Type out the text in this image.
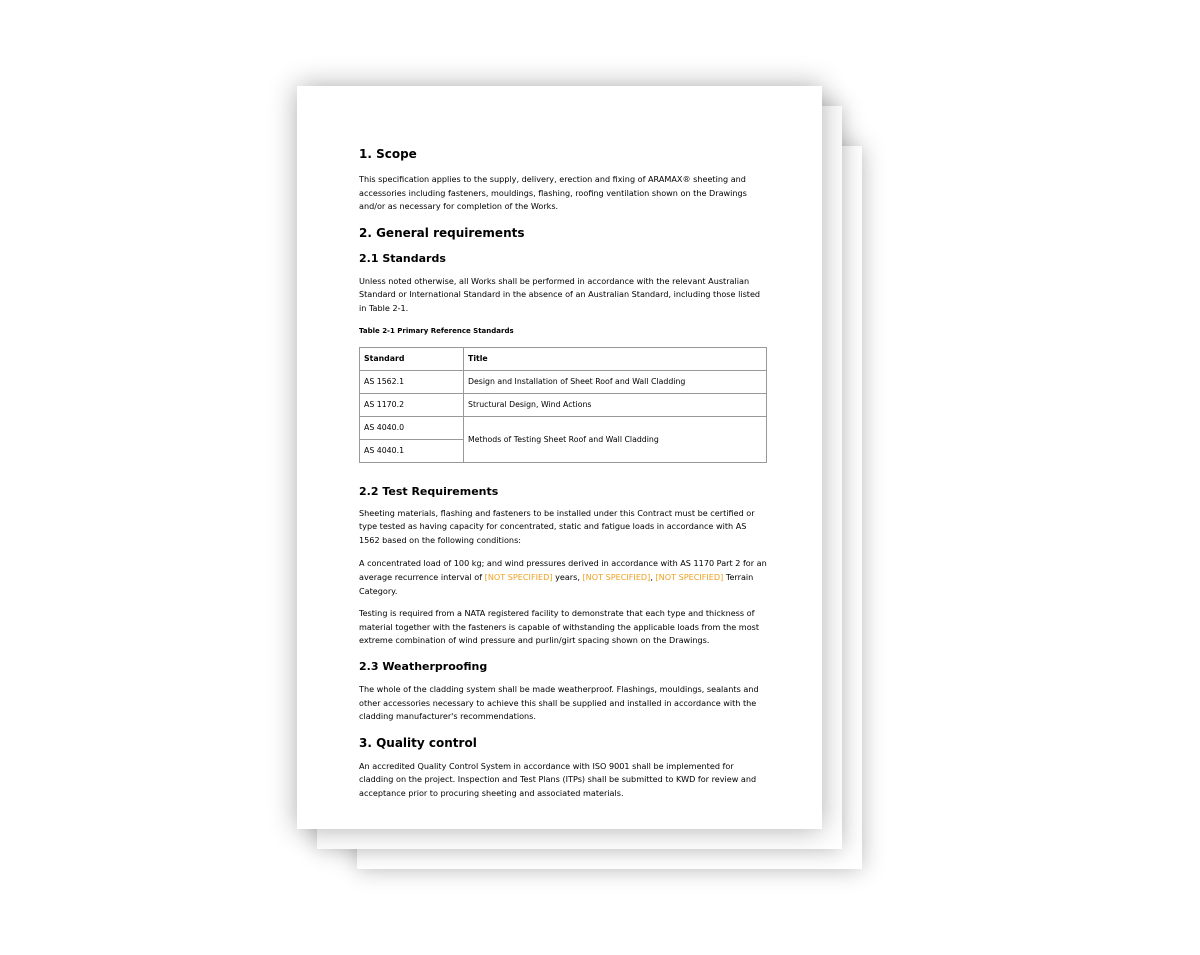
1. Scope

This specification applies to the supply, delivery, erection and fixing of ARAMAX® sheeting and accessories including fasteners, mouldings, flashing, roofing ventilation shown on the Drawings and/or as necessary for completion of the Works.

2. General requirements
2.1 Standards

Unless noted otherwise, all Works shall be performed in accordance with the relevant Australian Standard or International Standard in the absence of an Australian Standard, including those listed in Table 2-1.

Table 2-1 Primary Reference Standards
Standard	Title
AS 1562.1	Design and Installation of Sheet Roof and Wall Cladding
AS 1170.2	Structural Design, Wind Actions
AS 4040.0	Methods of Testing Sheet Roof and Wall Cladding
AS 4040.1	
2.2 Test Requirements

Sheeting materials, flashing and fasteners to be installed under this Contract must be certified or type tested as having capacity for concentrated, static and fatigue loads in accordance with AS 1562 based on the following conditions:

A concentrated load of 100 kg; and wind pressures derived in accordance with AS 1170 Part 2 for an average recurrence interval of [NOT SPECIFIED] years, [NOT SPECIFIED], [NOT SPECIFIED] Terrain Category.

Testing is required from a NATA registered facility to demonstrate that each type and thickness of material together with the fasteners is capable of withstanding the applicable loads from the most extreme combination of wind pressure and purlin/girt spacing shown on the Drawings.

2.3 Weatherproofing

The whole of the cladding system shall be made weatherproof. Flashings, mouldings, sealants and other accessories necessary to achieve this shall be supplied and installed in accordance with the cladding manufacturer's recommendations.

3. Quality control

An accredited Quality Control System in accordance with ISO 9001 shall be implemented for cladding on the project. Inspection and Test Plans (ITPs) shall be submitted to KWD for review and acceptance prior to procuring sheeting and associated materials.
